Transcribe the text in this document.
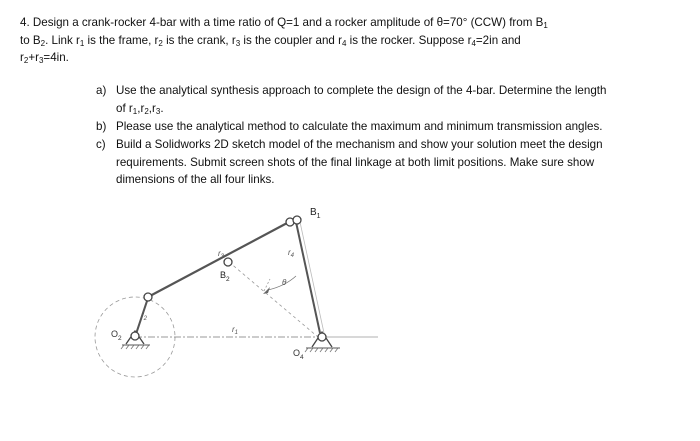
4. Design a crank-rocker 4-bar with a time ratio of Q=1 and a rocker amplitude of θ=70° (CCW) from $B_1$

to $B_2$. Link $r_1$ is the frame, $r_2$ is the crank, $r_3$ is the coupler and $r_4$ is the rocker. Suppose $r_4=2in$ and

$r_2+r_3=4in$.

a) Use the analytical synthesis approach to complete the design of the 4-bar. Determine the length
of $r_1,r_2,r_3$.
b) Please use the analytical method to calculate the maximum and minimum transmission angles.
c) Build a Solidworks 2D sketch model of the mechanism and show your solution meet the design requirements. Submit screen shots of the final linkage at both limit positions. Make sure show dimensions of the all four links.
$B_1$
$B_2$
$r_3$	$r_4$
$r_2$
$r_1$
θ
$O_2$
$O_4$
